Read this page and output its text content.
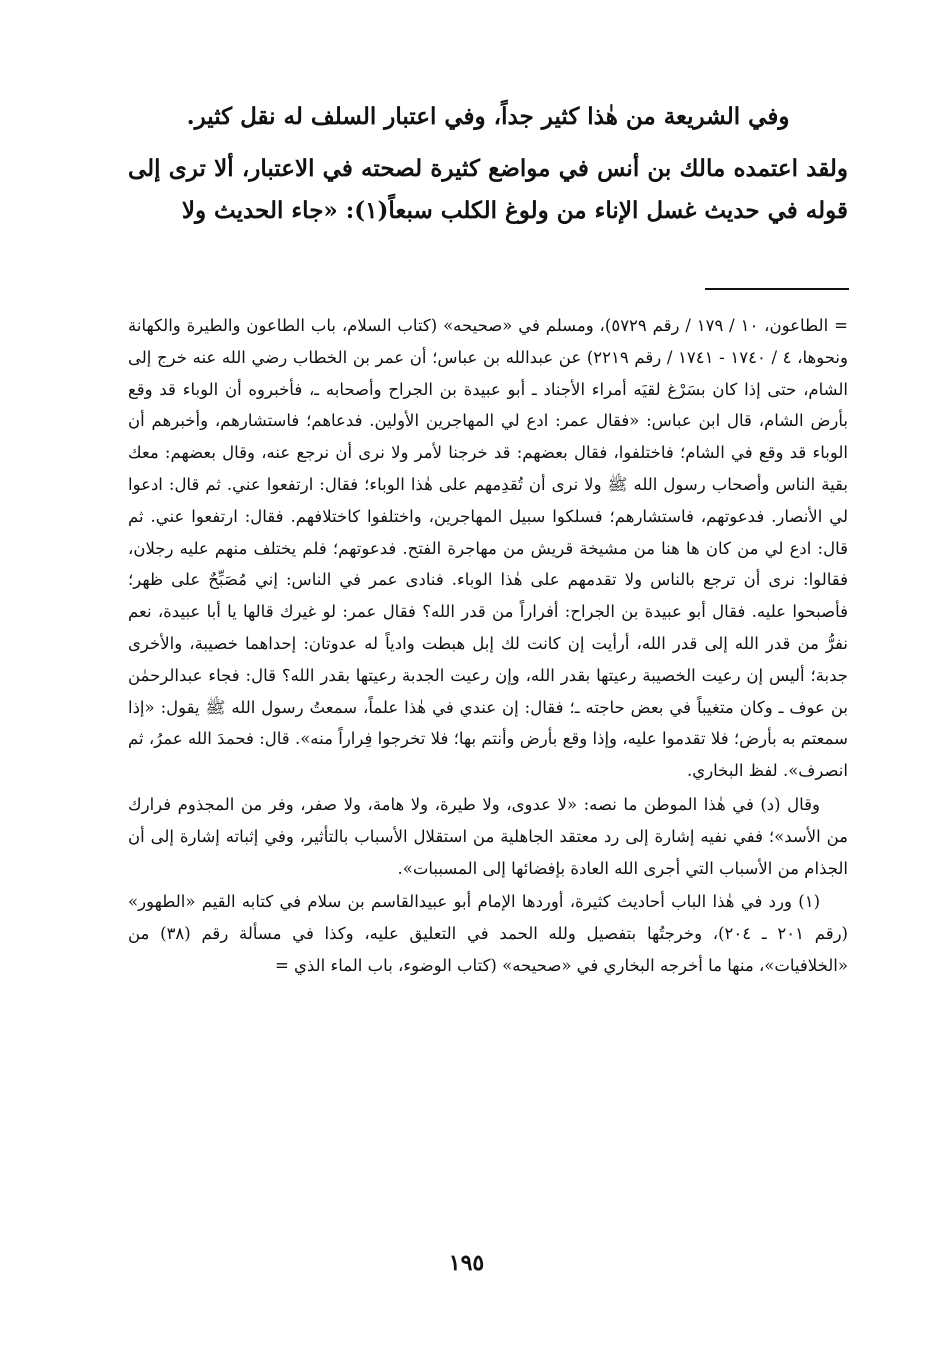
وفي الشريعة من هٰذا كثير جداً، وفي اعتبار السلف له نقل كثير.

ولقد اعتمده مالك بن أنس في مواضع كثيرة لصحته في الاعتبار، ألا ترى إلى قوله في حديث غسل الإناء من ولوغ الكلب سبعاً(١): «جاء الحديث ولا

=الطاعون، ١٠ / ١٧٩ / رقم ٥٧٢٩)، ومسلم في «صحيحه» (كتاب السلام، باب الطاعون والطيرة والكهانة ونحوها، ٤ / ١٧٤٠ - ١٧٤١ / رقم ٢٢١٩) عن عبدالله بن عباس؛ أن عمر بن الخطاب رضي الله عنه خرج إلى الشام، حتى إذا كان بسَرْغ لقيَه أمراء الأجناد ـ أبو عبيدة بن الجراح وأصحابه ـ، فأخبروه أن الوباء قد وقع بأرض الشام، قال ابن عباس: «فقال عمر: ادع لي المهاجرين الأولين. فدعاهم؛ فاستشارهم، وأخبرهم أن الوباء قد وقع في الشام؛ فاختلفوا، فقال بعضهم: قد خرجنا لأمر ولا نرى أن نرجع عنه، وقال بعضهم: معك بقية الناس وأصحاب رسول الله ﷺ ولا نرى أن تُقدِمهم على هٰذا الوباء؛ فقال: ارتفعوا عني. ثم قال: ادعوا لي الأنصار. فدعوتهم، فاستشارهم؛ فسلكوا سبيل المهاجرين، واختلفوا كاختلافهم. فقال: ارتفعوا عني. ثم قال: ادع لي من كان ها هنا من مشيخة قريش من مهاجرة الفتح. فدعوتهم؛ فلم يختلف منهم عليه رجلان، فقالوا: نرى أن ترجع بالناس ولا تقدمهم على هٰذا الوباء. فنادى عمر في الناس: إني مُصَبِّحٌ على ظهر؛ فأصبحوا عليه. فقال أبو عبيدة بن الجراح: أفراراً من قدر الله؟ فقال عمر: لو غيرك قالها يا أبا عبيدة، نعم نفرُّ من قدر الله إلى قدر الله، أرأيت إن كانت لك إبل هبطت وادياً له عدوتان: إحداهما خصيبة، والأخرى جدبة؛ أليس إن رعيت الخصيبة رعيتها بقدر الله، وإن رعيت الجدبة رعيتها بقدر الله؟ قال: فجاء عبدالرحمٰن بن عوف ـ وكان متغيباً في بعض حاجته ـ؛ فقال: إن عندي في هٰذا علماً، سمعتُ رسول الله ﷺ يقول: «إذا سمعتم به بأرض؛ فلا تقدموا عليه، وإذا وقع بأرض وأنتم بها؛ فلا تخرجوا فِراراً منه». قال: فحمدَ الله عمرُ، ثم انصرف». لفظ البخاري.

وقال (د) في هٰذا الموطن ما نصه: «لا عدوى، ولا طيرة، ولا هامة، ولا صفر، وفر من المجذوم فرارك من الأسد»؛ ففي نفيه إشارة إلى رد معتقد الجاهلية من استقلال الأسباب بالتأثير، وفي إثباته إشارة إلى أن الجذام من الأسباب التي أجرى الله العادة بإفضائها إلى المسببات».

(١) ورد في هٰذا الباب أحاديث كثيرة، أوردها الإمام أبو عبيدالقاسم بن سلام في كتابه القيم «الطهور» (رقم ٢٠١ ـ ٢٠٤)، وخرجتُها بتفصيل ولله الحمد في التعليق عليه، وكذا في مسألة رقم (٣٨) من «الخلافيات»، منها ما أخرجه البخاري في «صحيحه» (كتاب الوضوء، باب الماء الذي =

١٩٥
